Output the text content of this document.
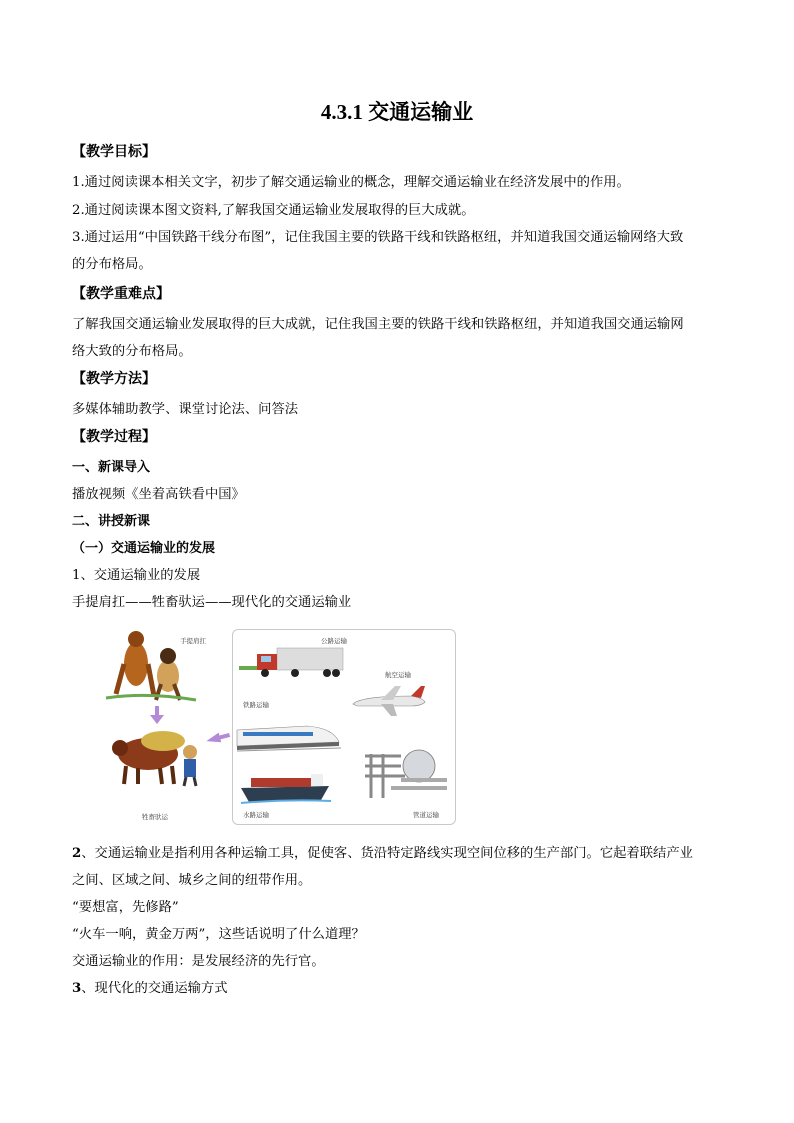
4.3.1 交通运输业
【教学目标】
1.通过阅读课本相关文字，初步了解交通运输业的概念，理解交通运输业在经济发展中的作用。
2.通过阅读课本图文资料,了解我国交通运输业发展取得的巨大成就。
3.通过运用“中国铁路干线分布图”，记住我国主要的铁路干线和铁路枢纽，并知道我国交通运输网络大致
的分布格局。
【教学重难点】
了解我国交通运输业发展取得的巨大成就，记住我国主要的铁路干线和铁路枢纽，并知道我国交通运输网
络大致的分布格局。
【教学方法】
多媒体辅助教学、课堂讨论法、问答法
【教学过程】
一、新课导入
播放视频《坐着高铁看中国》
二、讲授新课
（一）交通运输业的发展
1、交通运输业的发展
手提肩扛——牲畜驮运——现代化的交通运输业
手提肩扛
牲畜驮运
公路运输
航空运输
铁路运输
水路运输	管道运输
2、交通运输业是指利用各种运输工具，促使客、货沿特定路线实现空间位移的生产部门。它起着联结产业
之间、区域之间、城乡之间的纽带作用。
“要想富，先修路”
“火车一响，黄金万两”，这些话说明了什么道理？
交通运输业的作用：是发展经济的先行官。
3、现代化的交通运输方式
